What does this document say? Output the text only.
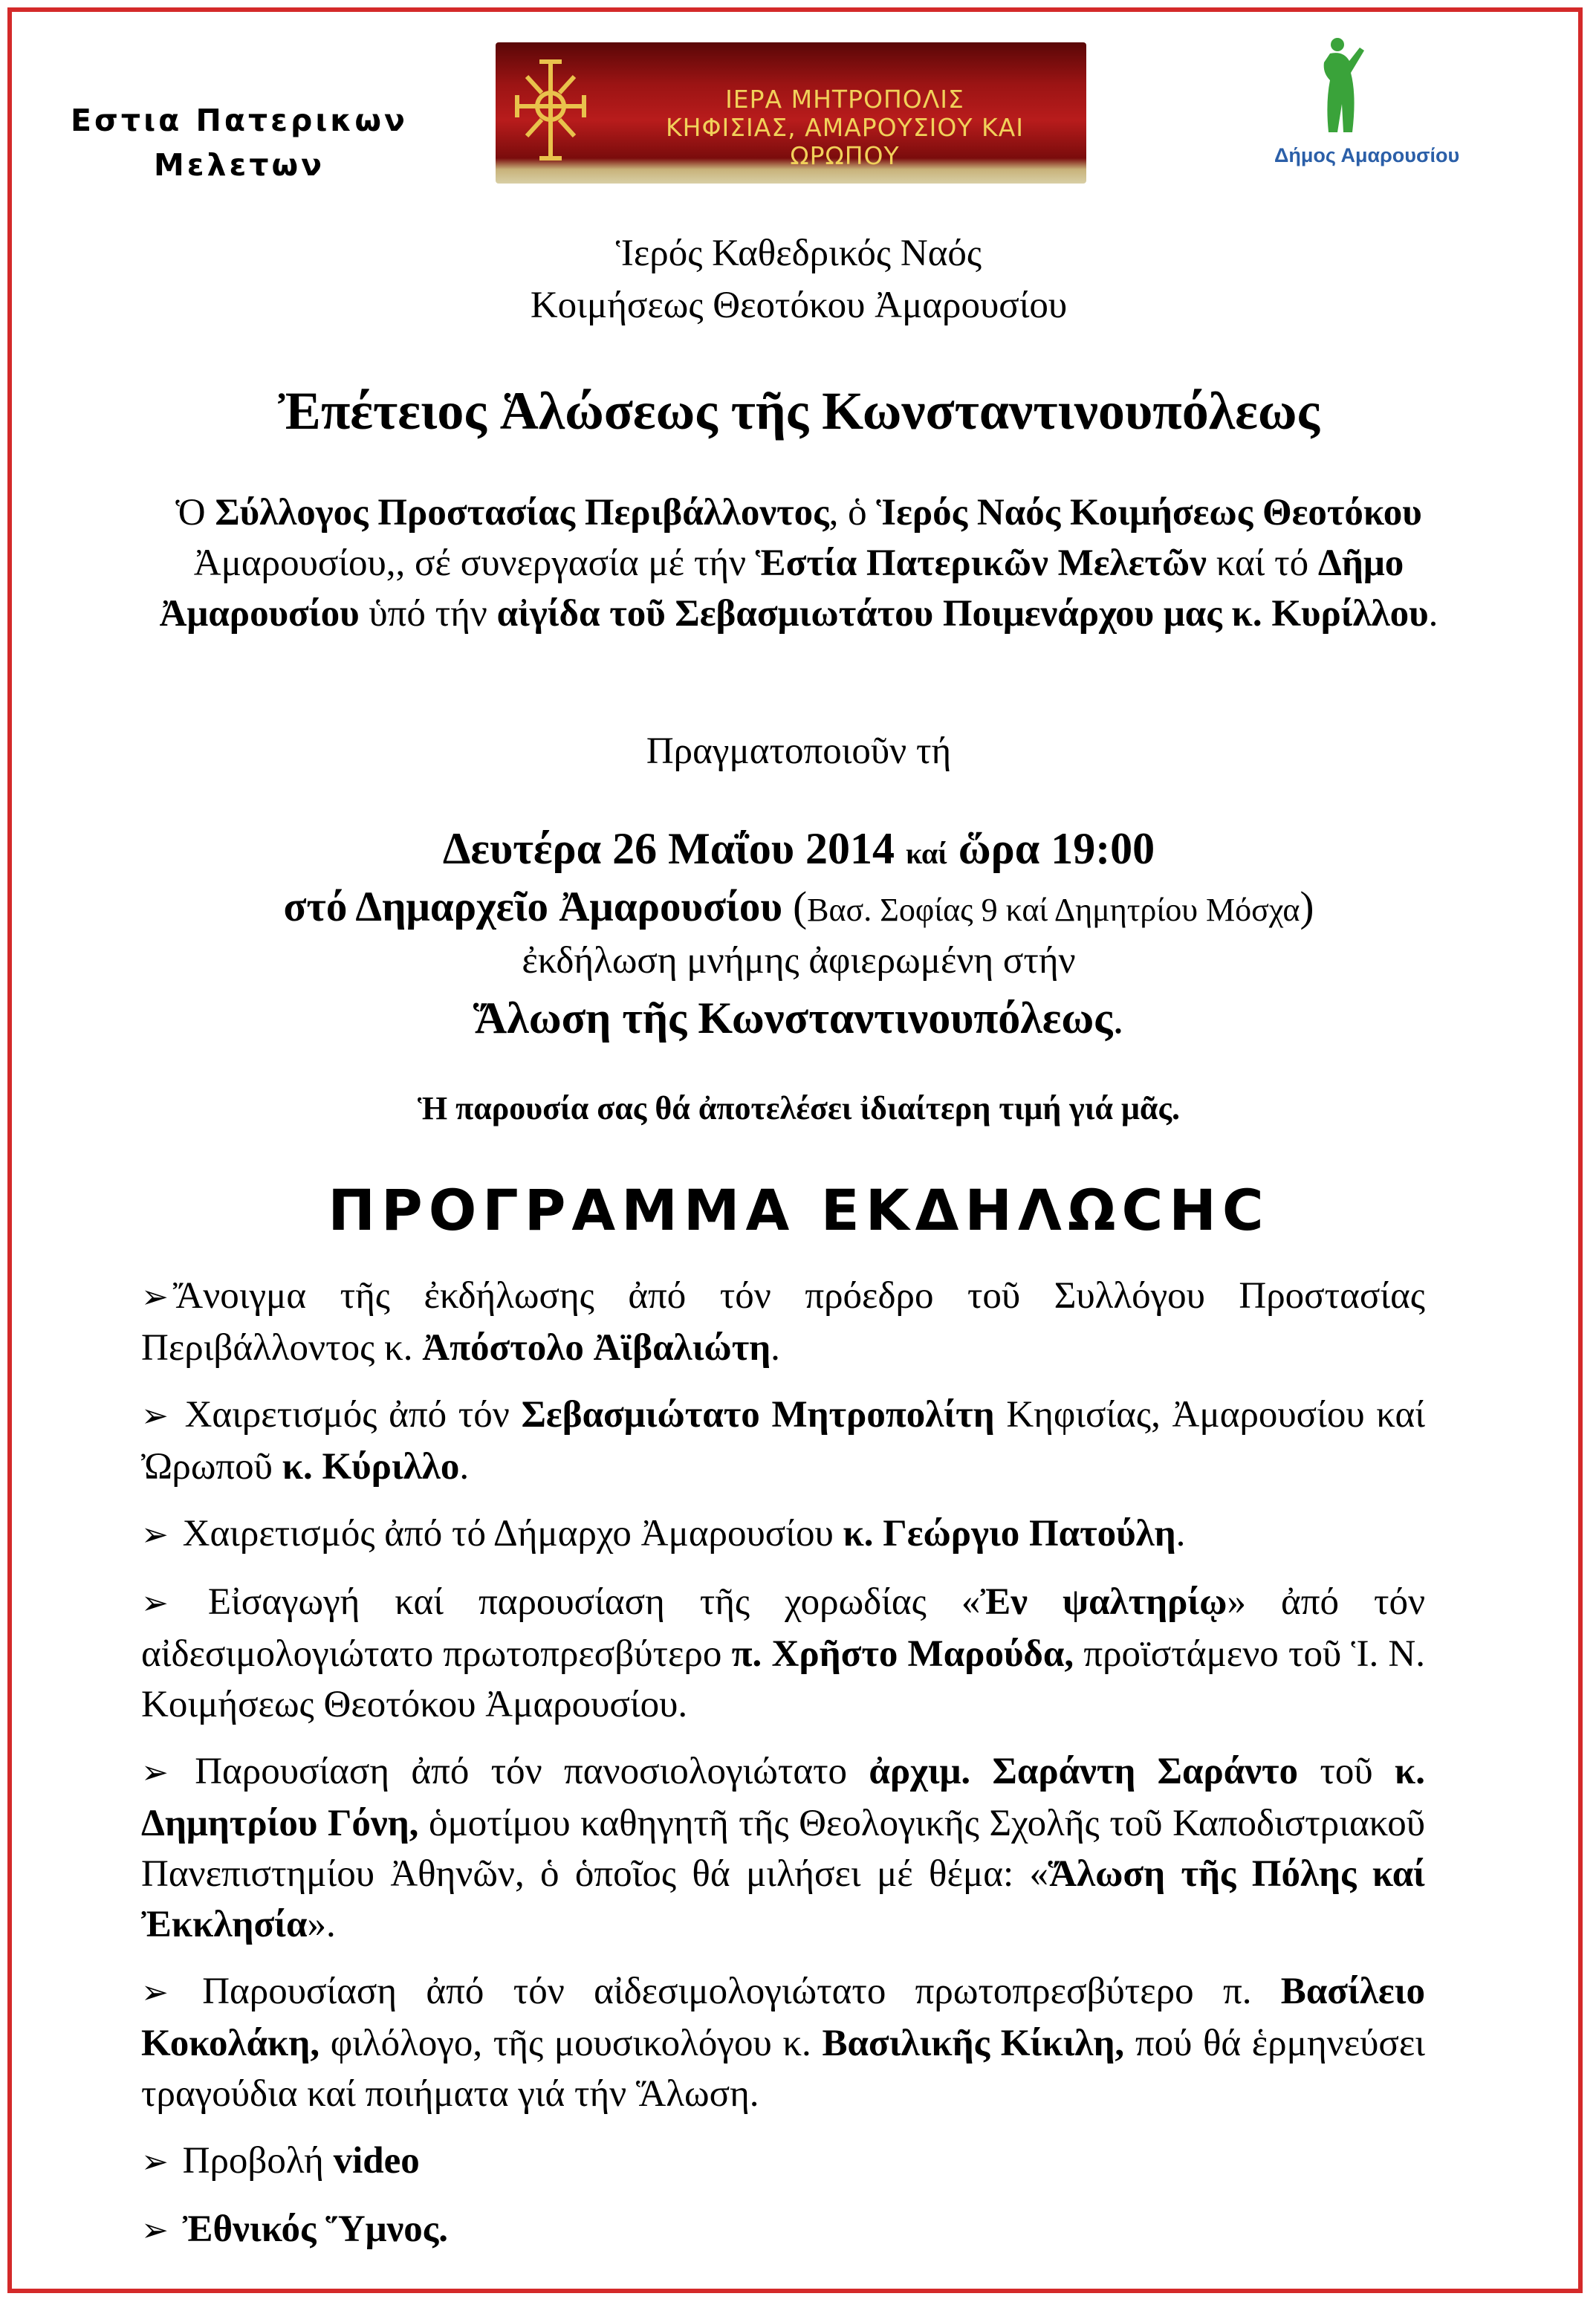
Εστια Πατερικων
Μελετων
ΙΕΡΑ ΜΗΤΡΟΠΟΛΙΣ
ΚΗΦΙΣΙΑΣ, ΑΜΑΡΟΥΣΙΟΥ ΚΑΙ ΩΡΩΠΟΥ	Δήμος Αμαρουσίου
Ἱερός Καθεδρικός Ναός
Κοιμήσεως Θεοτόκου Ἀμαρουσίου
Ἐπέτειος Ἁλώσεως τῆς Κωνσταντινουπόλεως
Ὁ Σύλλογος Προστασίας Περιβάλλοντος, ὁ Ἱερός Ναός Κοιμήσεως Θεοτόκου Ἀμαρουσίου,, σέ συνεργασία μέ τήν Ἑστία Πατερικῶν Μελετῶν καί τό Δῆμο Ἀμαρουσίου ὑπό τήν αἰγίδα τοῦ Σεβασμιωτάτου Ποιμενάρχου μας κ. Κυρίλλου.
Πραγματοποιοῦν τή
Δευτέρα 26 Μαΐου 2014 καί ὥρα 19:00
στό Δημαρχεῖο Ἀμαρουσίου (Βασ. Σοφίας 9 καί Δημητρίου Μόσχα)
ἐκδήλωση μνήμης ἀφιερωμένη στήν
Ἅλωση τῆς Κωνσταντινουπόλεως.
Ἡ παρουσία σας θά ἀποτελέσει ἰδιαίτερη τιμή γιά μᾶς.
ΠΡΟΓΡΑΜΜΑ ΕΚΔΗΛΩCΗC
➢ Ἄνοιγμα τῆς ἐκδήλωσης ἀπό τόν πρόεδρο τοῦ Συλλόγου Προστασίας Περιβάλλοντος κ. Ἀπόστολο Ἀϊβαλιώτη.
➢ Χαιρετισμός ἀπό τόν Σεβασμιώτατο Μητροπολίτη Κηφισίας, Ἀμαρουσίου καί Ὠρωποῦ κ. Κύριλλο.
➢ Χαιρετισμός ἀπό τό Δήμαρχο Ἀμαρουσίου κ. Γεώργιο Πατούλη.
➢ Εἰσαγωγή καί παρουσίαση τῆς χορωδίας «Ἐν ψαλτηρίῳ» ἀπό τόν αἰδεσιμολογιώτατο πρωτοπρεσβύτερο π. Χρῆστο Μαρούδα, προϊστάμενο τοῦ Ἱ. Ν. Κοιμήσεως Θεοτόκου Ἀμαρουσίου.
➢ Παρουσίαση ἀπό τόν πανοσιολογιώτατο ἀρχιμ. Σαράντη Σαράντο τοῦ κ. Δημητρίου Γόνη, ὁμοτίμου καθηγητῆ τῆς Θεολογικῆς Σχολῆς τοῦ Καποδιστριακοῦ Πανεπιστημίου Ἀθηνῶν, ὁ ὁποῖος θά μιλήσει μέ θέμα: «Ἅλωση τῆς Πόλης καί Ἐκκλησία».
➢ Παρουσίαση ἀπό τόν αἰδεσιμολογιώτατο πρωτοπρεσβύτερο π. Βασίλειο Κοκολάκη, φιλόλογο, τῆς μουσικολόγου κ. Βασιλικῆς Κίκιλη, πού θά ἑρμηνεύσει τραγούδια καί ποιήματα γιά τήν Ἅλωση.
➢ Προβολή video
➢ Ἐθνικός Ὕμνος.
